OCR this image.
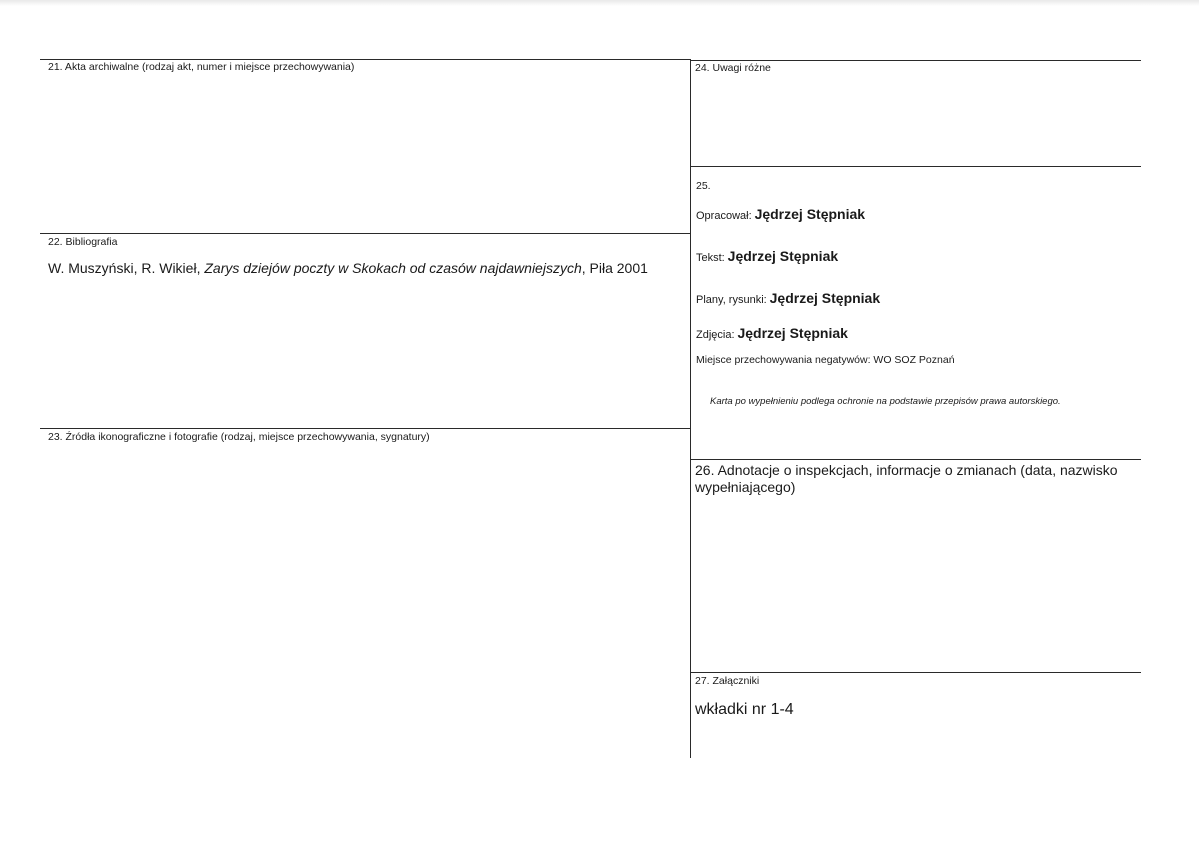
21. Akta archiwalne (rodzaj akt, numer i miejsce przechowywania)
22. Bibliografia
W. Muszyński, R. Wikieł, Zarys dziejów poczty w Skokach od czasów najdawniejszych, Piła 2001
23. Źródła ikonograficzne i fotografie (rodzaj, miejsce przechowywania, sygnatury)
24. Uwagi różne
25.
Opracował: Jędrzej Stępniak
Tekst: Jędrzej Stępniak
Plany, rysunki: Jędrzej Stępniak
Zdjęcia: Jędrzej Stępniak
Miejsce przechowywania negatywów: WO SOZ Poznań
Karta po wypełnieniu podlega ochronie na podstawie przepisów prawa autorskiego.
26. Adnotacje o inspekcjach, informacje o zmianach (data, nazwisko wypełniającego)
27. Załączniki
wkładki nr 1-4
